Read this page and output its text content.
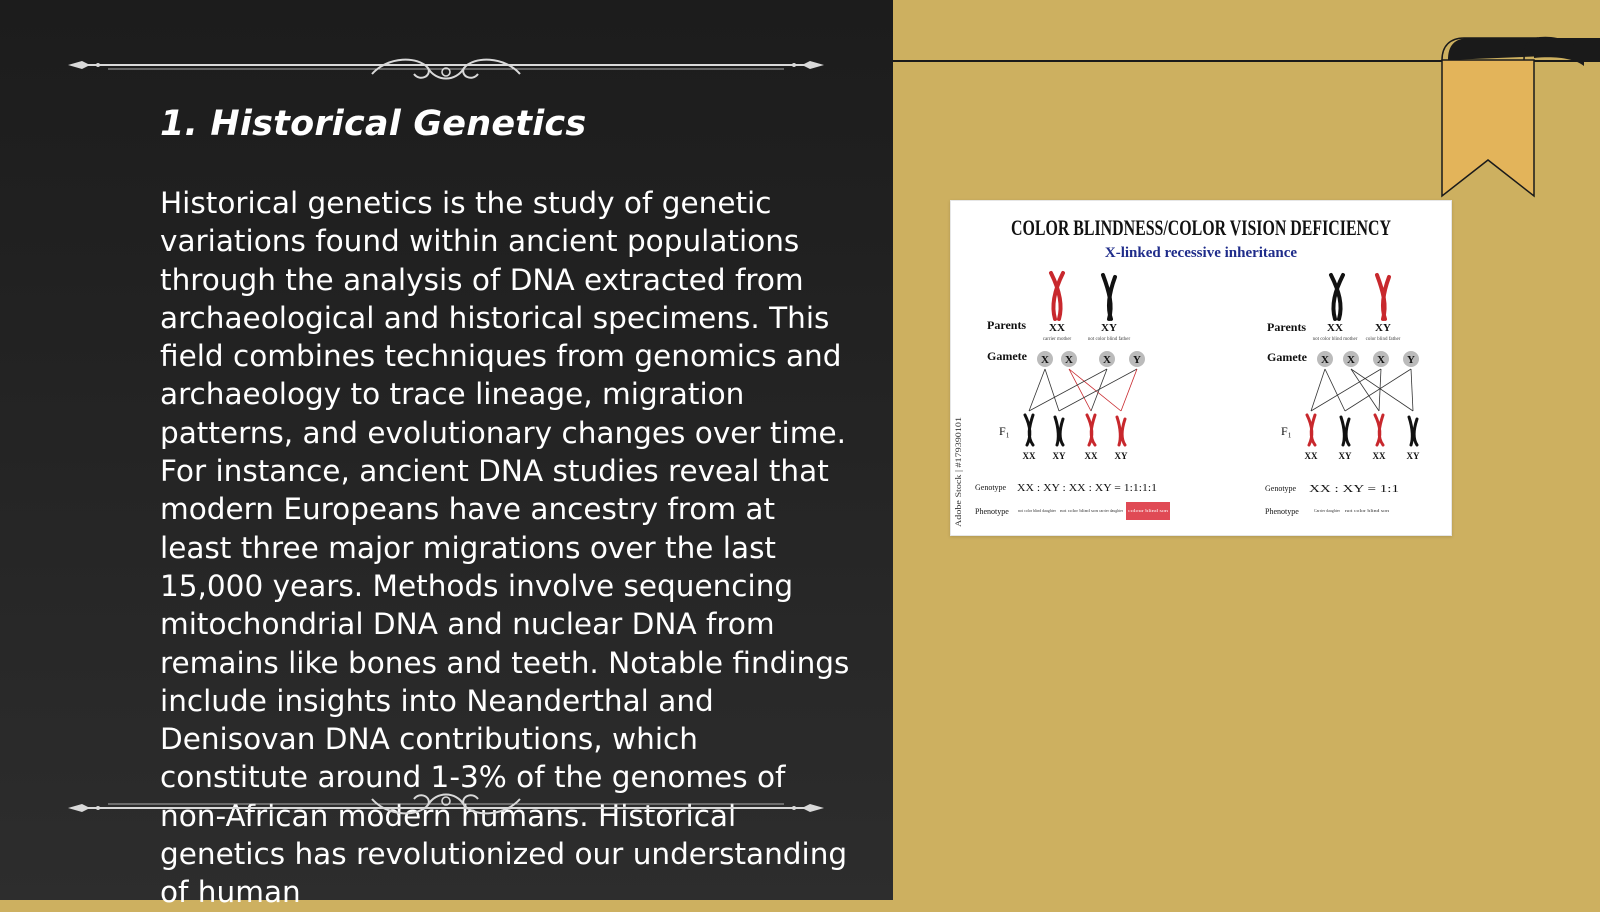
1. Historical Genetics

Historical genetics is the study of genetic variations found within ancient populations through the analysis of DNA extracted from archaeological and historical specimens. This field combines techniques from genomics and archaeology to trace lineage, migration patterns, and evolutionary changes over time. For instance, ancient DNA studies reveal that modern Europeans have ancestry from at least three major migrations over the last 15,000 years. Methods involve sequencing mitochondrial DNA and nuclear DNA from remains like bones and teeth. Notable findings include insights into Neanderthal and Denisovan DNA contributions, which constitute around 1-3% of the genomes of non-African modern humans. Historical genetics has revolutionized our understanding of human

COLOR BLINDNESS/COLOR VISION DEFICIENCY
X-linked recessive inheritance
Adobe Stock | #179390101
Parents XX
carrier mother
XY
not color blind father
Gamete X X	X Y
F₁
XX XY XX XY
Genotype XX : XY : XX : XY = 1:1:1:1
Phenotype not color blind daughter not color blind son carrier daughter colour blind son
Parents XX
not color blind mother
XY
color blind father
Gamete X X X Y
F₁
XX XY XX XY
Genotype XX : XY = 1:1
Phenotype	Carrier daughter not color blind son
